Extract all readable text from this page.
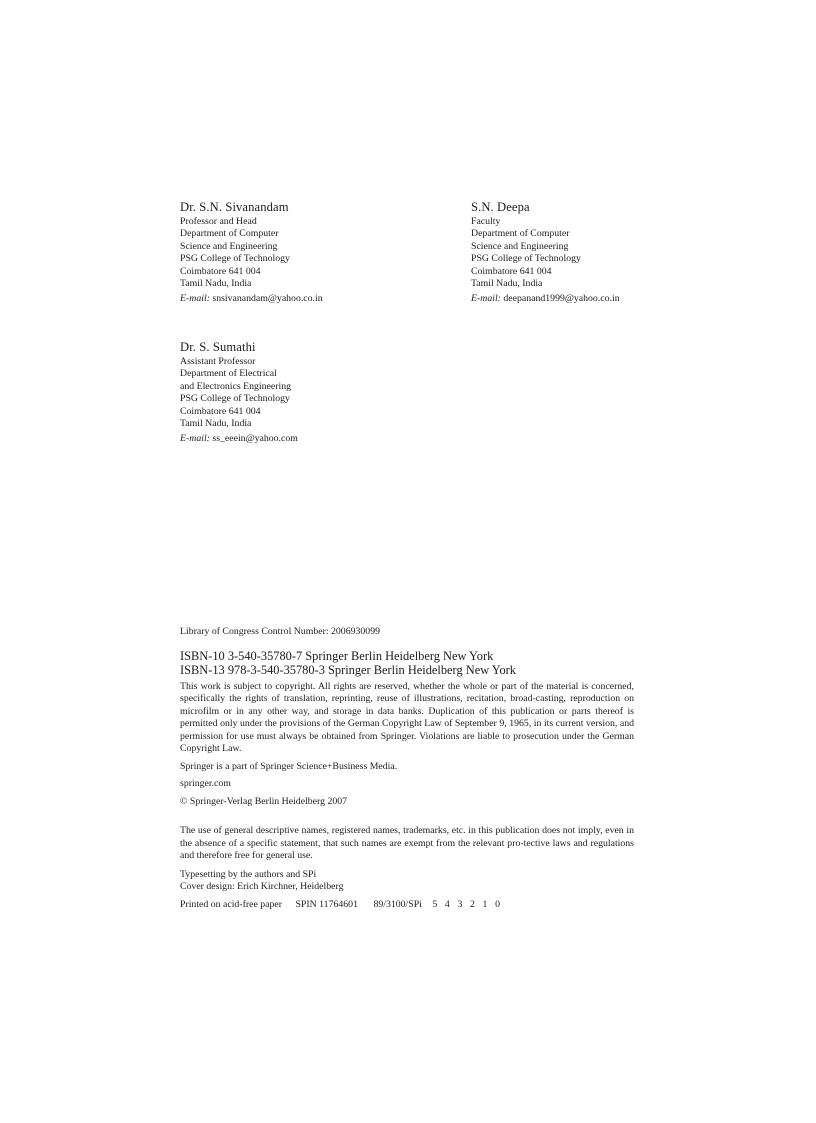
Dr. S.N. Sivanandam
Professor and Head
Department of Computer
Science and Engineering
PSG College of Technology
Coimbatore 641 004
Tamil Nadu, India
E-mail: snsivanandam@yahoo.co.in
S.N. Deepa
Faculty
Department of Computer
Science and Engineering
PSG College of Technology
Coimbatore 641 004
Tamil Nadu, India
E-mail: deepanand1999@yahoo.co.in
Dr. S. Sumathi
Assistant Professor
Department of Electrical
and Electronics Engineering
PSG College of Technology
Coimbatore 641 004
Tamil Nadu, India
E-mail: ss_eeein@yahoo.com

Library of Congress Control Number: 2006930099

ISBN-10 3-540-35780-7 Springer Berlin Heidelberg New York
ISBN-13 978-3-540-35780-3 Springer Berlin Heidelberg New York

This work is subject to copyright. All rights are reserved, whether the whole or part of the material is concerned, specifically the rights of translation, reprinting, reuse of illustrations, recitation, broad-casting, reproduction on microfilm or in any other way, and storage in data banks. Duplication of this publication or parts thereof is permitted only under the provisions of the German Copyright Law of September 9, 1965, in its current version, and permission for use must always be obtained from Springer. Violations are liable to prosecution under the German Copyright Law.

Springer is a part of Springer Science+Business Media.

springer.com

© Springer-Verlag Berlin Heidelberg 2007

The use of general descriptive names, registered names, trademarks, etc. in this publication does not imply, even in the absence of a specific statement, that such names are exempt from the relevant pro-tective laws and regulations and therefore free for general use.

Typesetting by the authors and SPi

Cover design: Erich Kirchner, Heidelberg

Printed on acid-free paper SPIN 11764601 89/3100/SPi 5 4 3 2 1 0
